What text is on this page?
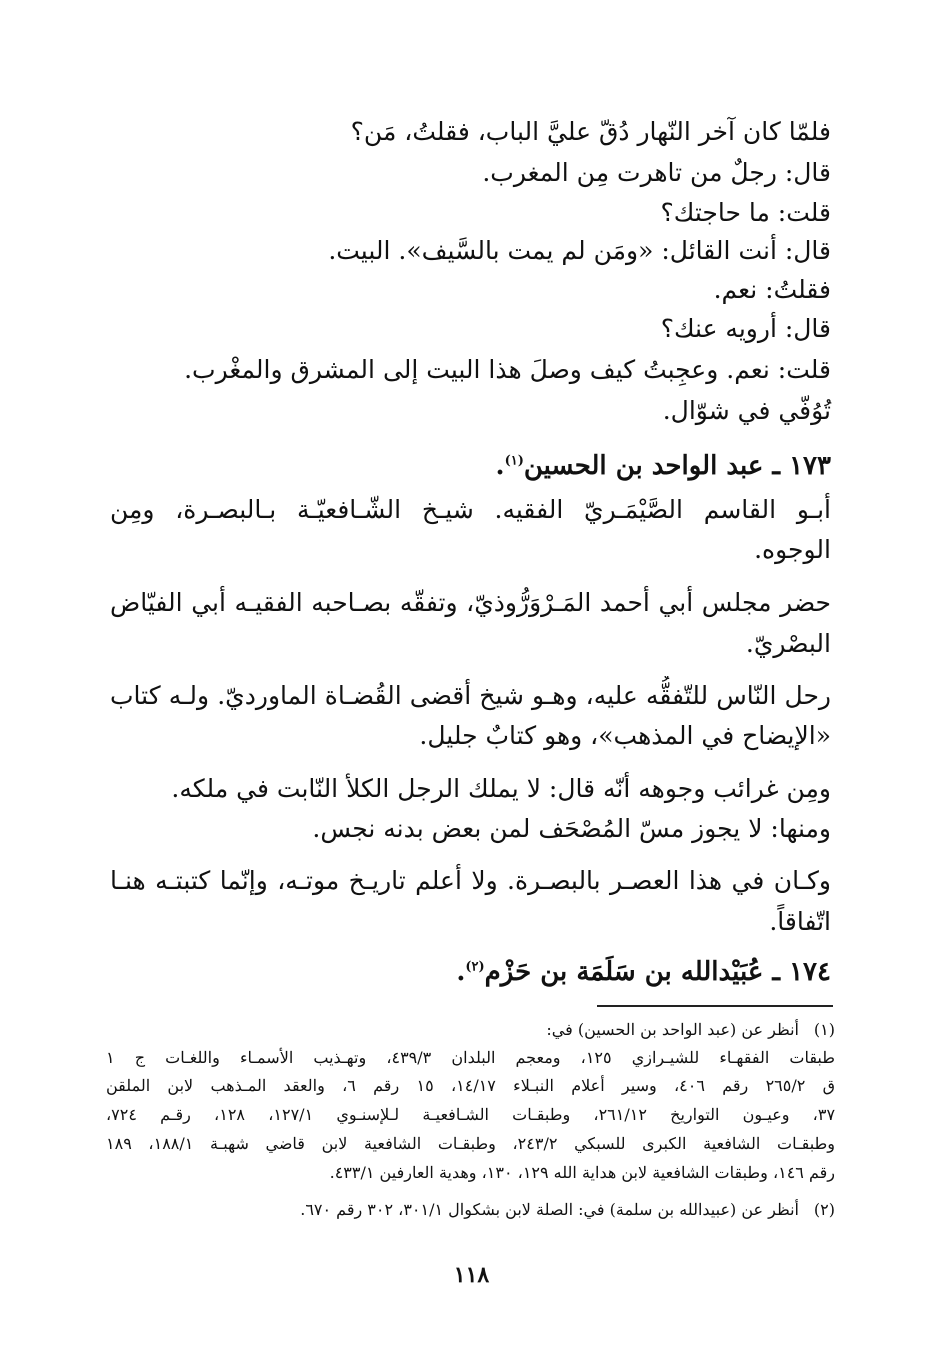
فلمّا كان آخر النّهار دُقّ عليَّ الباب، فقلتُ، مَن؟
قال: رجلٌ من تاهرت مِن المغرب.
قلت: ما حاجتك؟
قال: أنت القائل: «ومَن لم يمت بالسَّيف». البيت.
فقلتُ: نعم.
قال: أرويه عنك؟
قلت: نعم. وعجِبتُ كيف وصلَ هذا البيت إلى المشرق والمغْرب.
تُوُفّي في شوّال.
١٧٣ ـ عبد الواحد بن الحسين$^{(١)}$.
أبـو القاسم الصَّيْمَـريّ الفقيه. شيـخ الشّـافعيّـة بـالبصـرة، ومِن
الوجوه.
حضر مجلس أبي أحمد المَـرْوَرُّوذيّ، وتفقّه بصـاحبه الفقيـه أبي الفيّاض
البصْريّ.
رحل النّاس للتّفقُّه عليه، وهـو شيخ أقضى القُضـاة الماورديّ. ولـه كتاب
«الإيضاح في المذهب»، وهو كتابٌ جليل.
ومِن غرائب وجوهه أنّه قال: لا يملك الرجل الكلأ النّابت في ملكه.
ومنها: لا يجوز مسّ المُصْحَف لمن بعض بدنه نجس.
وكـان في هذا العصـر بالبصـرة. ولا أعلم تاريـخ موتـه، وإنّما كتبتـه هنـا
اتّفاقاً.
١٧٤ ـ عُبَيْدالله بن سَلَمَة بن حَزْم$^{(٢)}$.
(١)أنظر عن (عبد الواحد بن الحسين) في:
طبقات الفقهـاء للشيـرازي ١٢٥، ومعجم البلدان ٤٣٩/٣، وتهـذيب الأسمـاء واللغـات ج ١
ق ٢٦٥/٢ رقم ٤٠٦، وسير أعلام النبـلاء ١٤/١٧، ١٥ رقم ٦، والعقد المـذهب لابن الملقن
٣٧، وعيـون التواريخ ٢٦١/١٢، وطبقـات الشـافعيـة لـلإسنـوي ١٢٧/١، ١٢٨، رقـم ٧٢٤،
وطبقـات الشافعية الكبرى للسبكي ٢٤٣/٢، وطبقـات الشافعية لابن قاضي شهبـة ١٨٨/١، ١٨٩
رقم ١٤٦، وطبقات الشافعية لابن هداية الله ١٢٩، ١٣٠، وهدية العارفين ٤٣٣/١.
(٢)أنظر عن (عبيدالله بن سلمة) في: الصلة لابن بشكوال ٣٠١/١، ٣٠٢ رقم ٦٧٠.
١١٨
